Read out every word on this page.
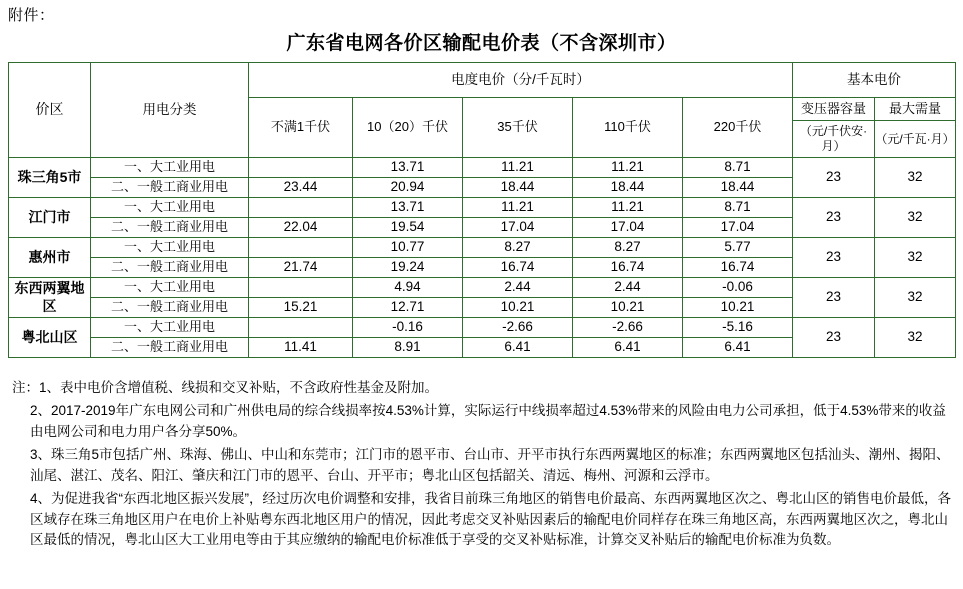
附件：
广东省电网各价区输配电价表（不含深圳市）
价区	用电分类	电度电价（分/千瓦时）					基本电价	
		不满1千伏	10（20）千伏	35千伏	110千伏	220千伏	变压器容量	最大需量
							（元/千伏安·月）	（元/千瓦·月）
珠三角5市	一、大工业用电		13.71	11.21	11.21	8.71	23	32
	二、一般工商业用电	23.44	20.94	18.44	18.44	18.44		
江门市	一、大工业用电		13.71	11.21	11.21	8.71	23	32
	二、一般工商业用电	22.04	19.54	17.04	17.04	17.04		
惠州市	一、大工业用电		10.77	8.27	8.27	5.77	23	32
	二、一般工商业用电	21.74	19.24	16.74	16.74	16.74		
东西两翼地区	一、大工业用电		4.94	2.44	2.44	-0.06	23	32
	二、一般工商业用电	15.21	12.71	10.21	10.21	10.21		
粤北山区	一、大工业用电		-0.16	-2.66	-2.66	-5.16	23	32
	二、一般工商业用电	11.41	8.91	6.41	6.41	6.41		
注：1、表中电价含增值税、线损和交叉补贴，不含政府性基金及附加。
2、2017-2019年广东电网公司和广州供电局的综合线损率按4.53%计算，实际运行中线损率超过4.53%带来的风险由电力公司承担，低于4.53%带来的收益由电网公司和电力用户各分享50%。
3、珠三角5市包括广州、珠海、佛山、中山和东莞市；江门市的恩平市、台山市、开平市执行东西两翼地区的标准；东西两翼地区包括汕头、潮州、揭阳、汕尾、湛江、茂名、阳江、肇庆和江门市的恩平、台山、开平市；粤北山区包括韶关、清远、梅州、河源和云浮市。
4、为促进我省“东西北地区振兴发展”，经过历次电价调整和安排，我省目前珠三角地区的销售电价最高、东西两翼地区次之、粤北山区的销售电价最低，各区域存在珠三角地区用户在电价上补贴粤东西北地区用户的情况，因此考虑交叉补贴因素后的输配电价同样存在珠三角地区高，东西两翼地区次之，粤北山区最低的情况，粤北山区大工业用电等由于其应缴纳的输配电价标准低于享受的交叉补贴标准，计算交叉补贴后的输配电价标准为负数。
